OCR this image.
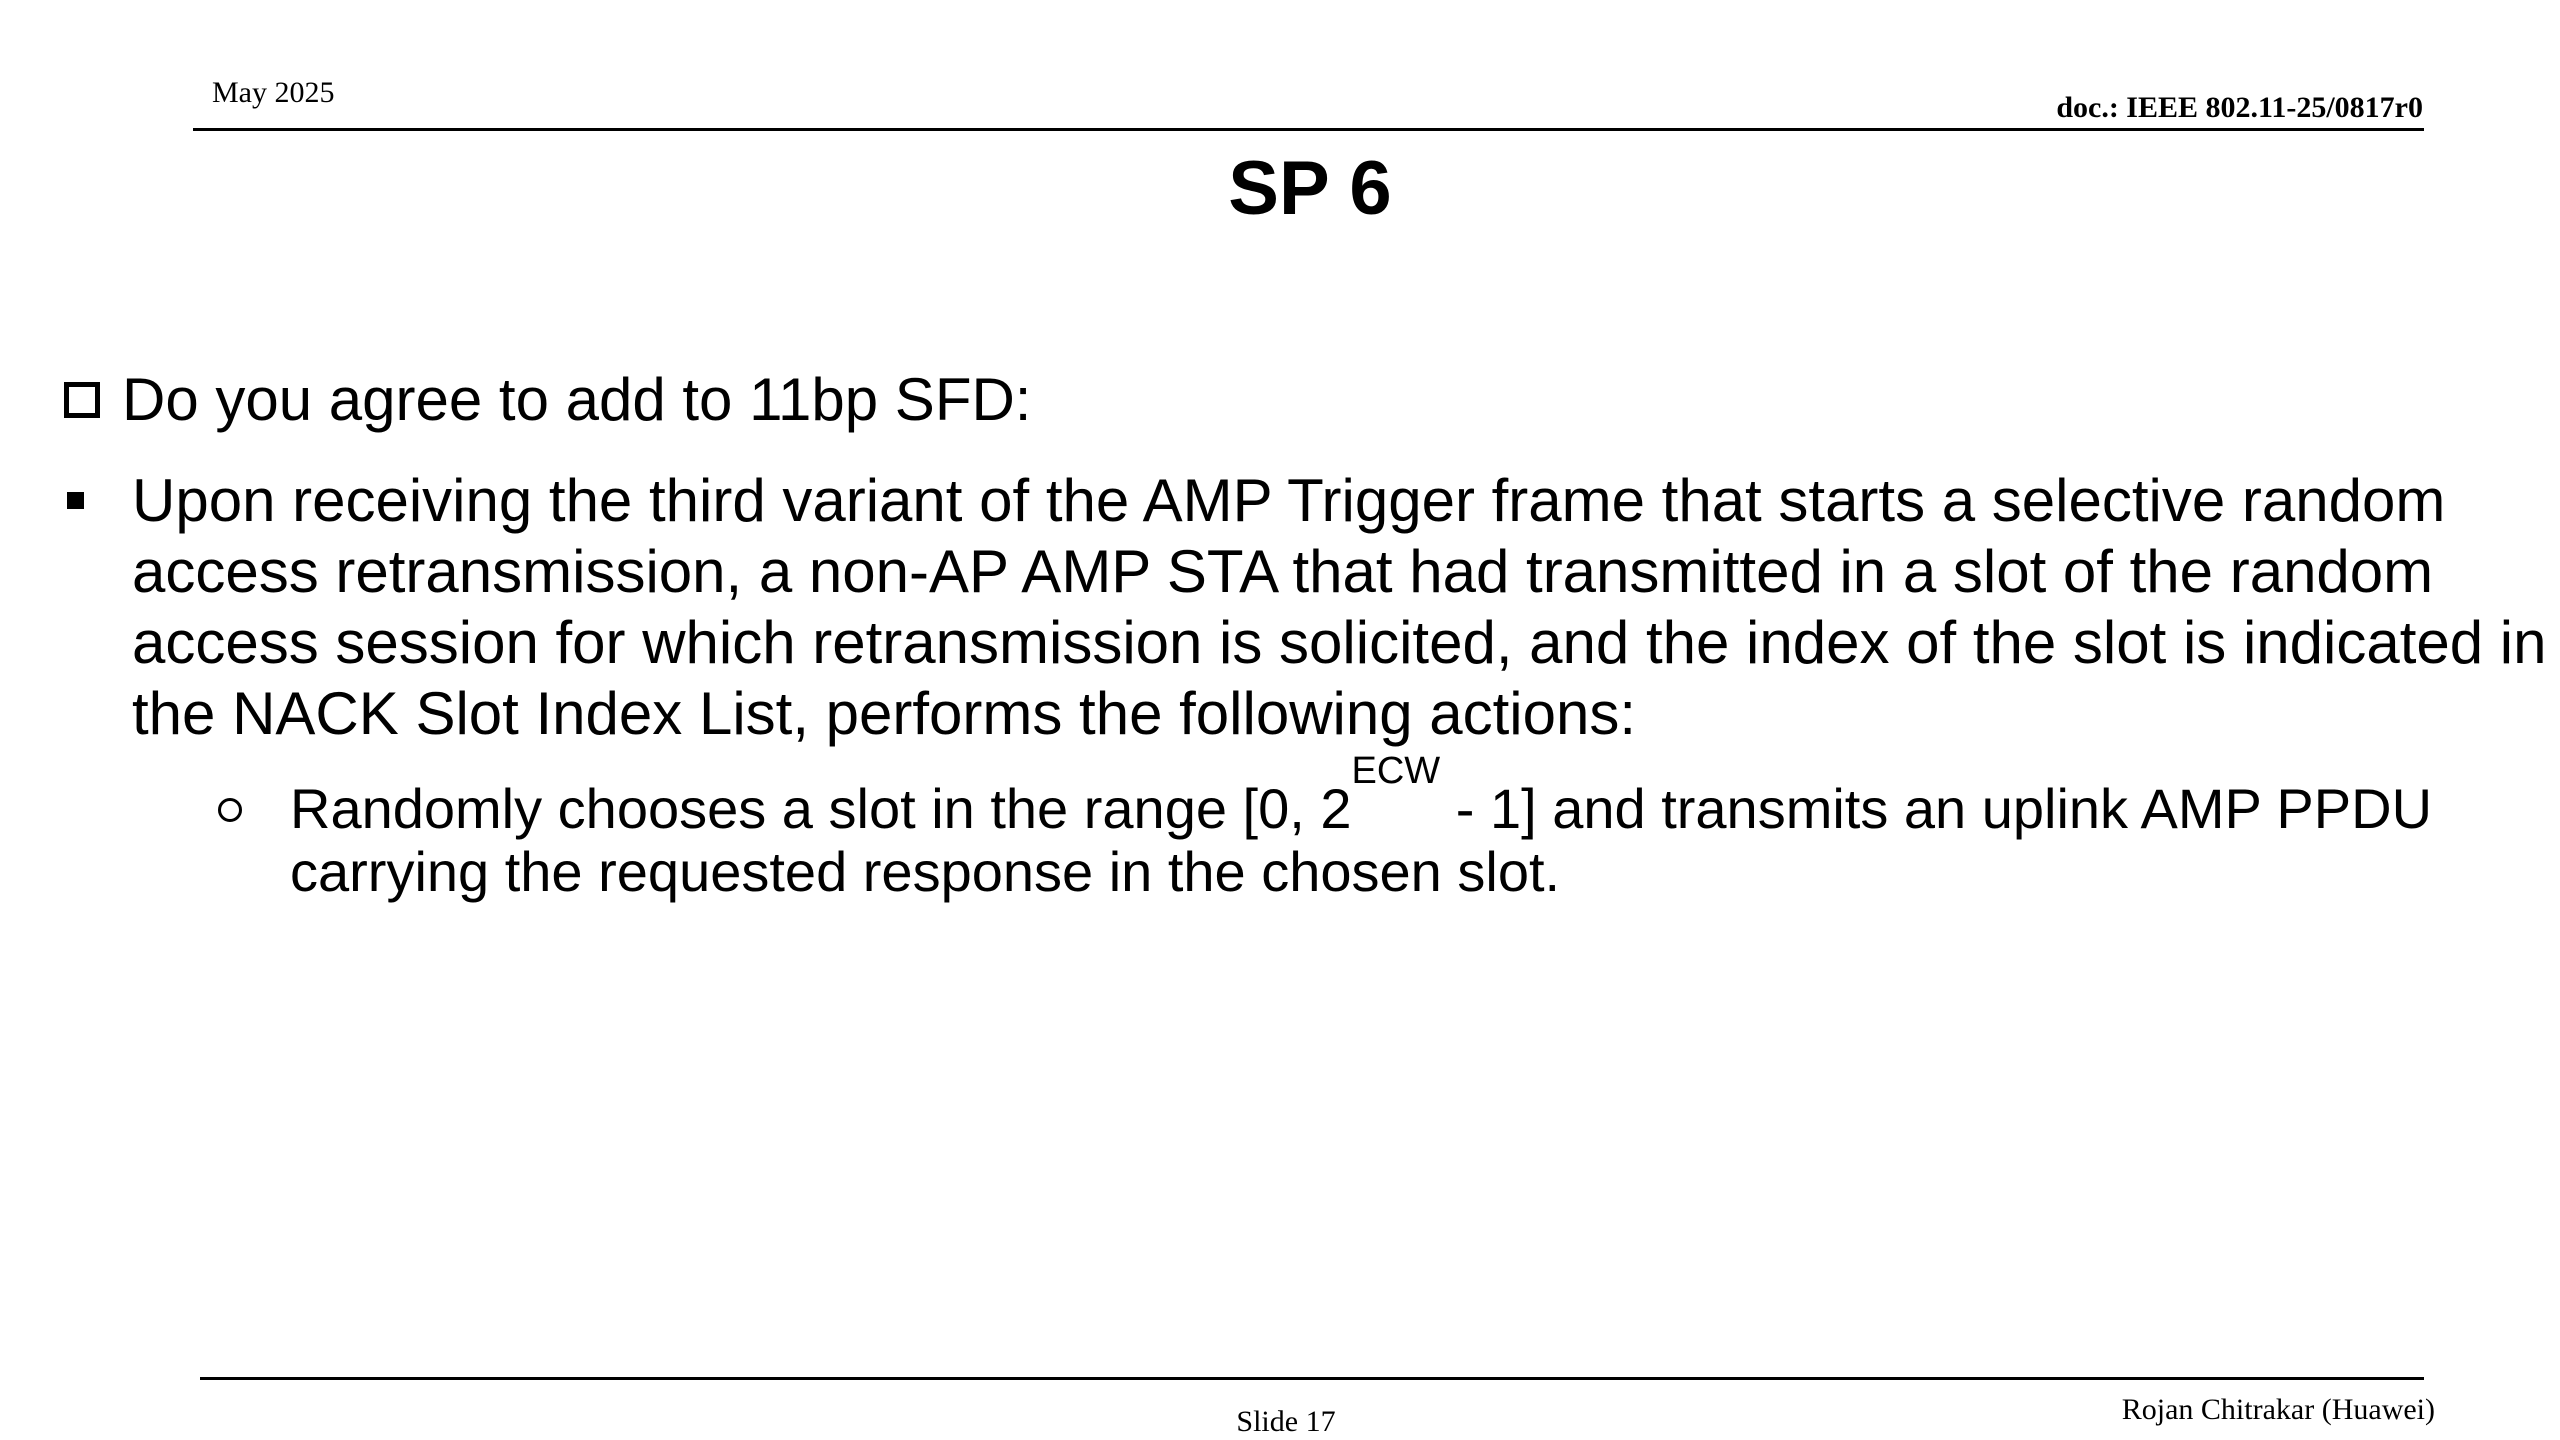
May 2025	doc.: IEEE 802.11-25/0817r0
SP 6
Do you agree to add to 11bp SFD:
Upon receiving the third variant of the AMP Trigger frame that starts a selective random access retransmission, a non-AP AMP STA that had transmitted in a slot of the random access session for which retransmission is solicited, and the index of the slot is indicated in the NACK Slot Index List, performs the following actions:
Randomly chooses a slot in the range [0, $2^{ECW} - 1$] and transmits an uplink AMP PPDU carrying the requested response in the chosen slot.
Slide 17	Rojan Chitrakar (Huawei)
